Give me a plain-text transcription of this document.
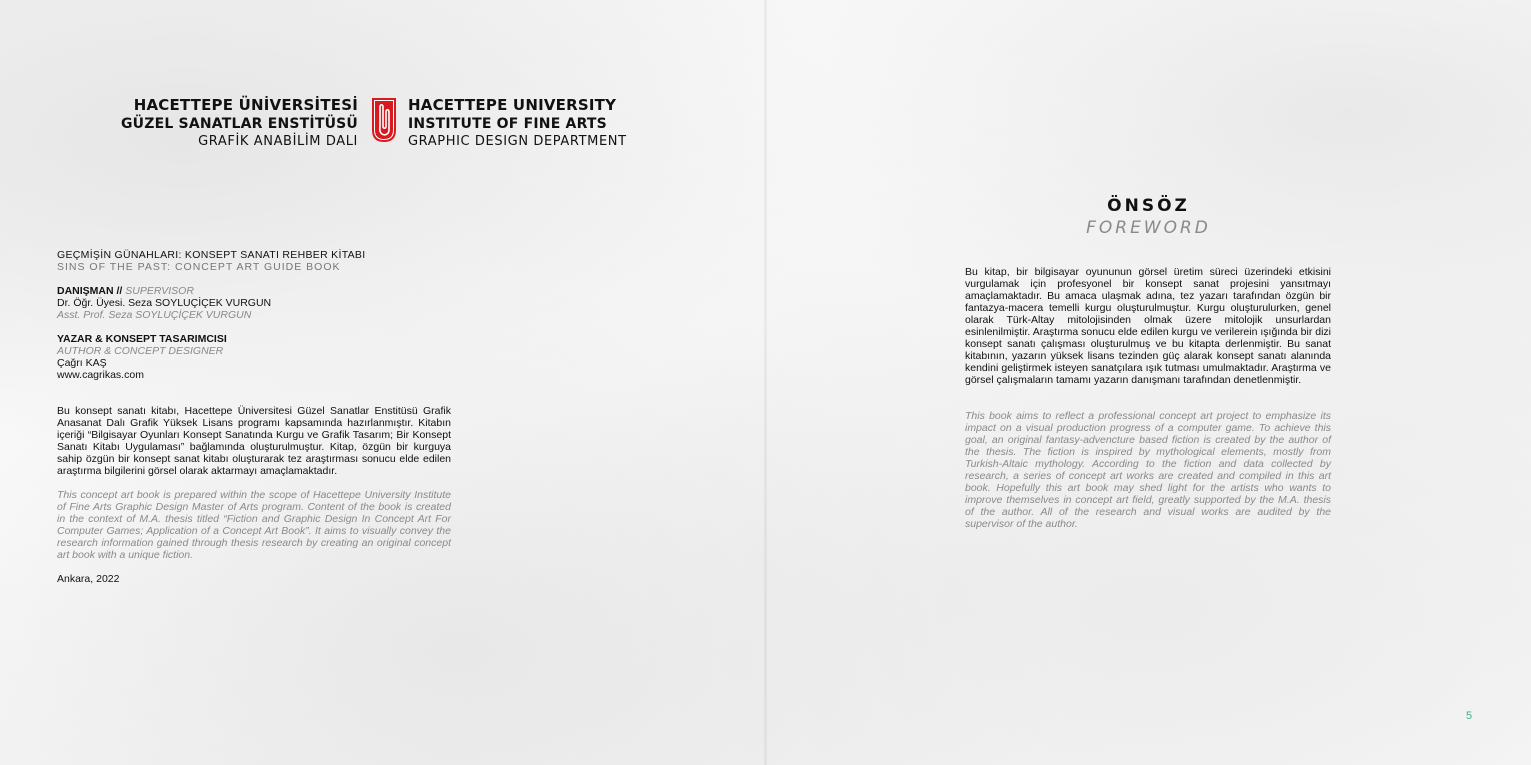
HACETTEPE ÜNİVERSİTESİ
GÜZEL SANATLAR ENSTİTÜSÜ
GRAFİK ANABİLİM DALI
HACETTEPE UNIVERSITY
INSTITUTE OF FINE ARTS
GRAPHIC DESIGN DEPARTMENT
GEÇMİŞİN GÜNAHLARI: KONSEPT SANATI REHBER KİTABI
SINS OF THE PAST: CONCEPT ART GUIDE BOOK
DANIŞMAN // SUPERVISOR
Dr. Öğr. Üyesi. Seza SOYLUÇİÇEK VURGUN
Asst. Prof. Seza SOYLUÇİÇEK VURGUN
YAZAR & KONSEPT TASARIMCISI
AUTHOR & CONCEPT DESIGNER
Çağrı KAŞ
www.cagrikas.com
Bu konsept sanatı kitabı, Hacettepe Üniversitesi Güzel Sanatlar Enstitüsü Grafik Anasanat Dalı Grafik Yüksek Lisans programı kapsamında hazırlanmıştır. Kitabın içeriği “Bilgisayar Oyunları Konsept Sanatında Kurgu ve Grafik Tasarım; Bir Konsept Sanatı Kitabı Uygulaması” bağlamında oluşturulmuştur. Kitap, özgün bir kurguya sahip özgün bir konsept sanat kitabı oluşturarak tez araştırması sonucu elde edilen araştırma bilgilerini görsel olarak aktarmayı amaçlamaktadır.
This concept art book is prepared within the scope of Hacettepe University Institute of Fine Arts Graphic Design Master of Arts program. Content of the book is created in the context of M.A. thesis titled “Fiction and Graphic Design In Concept Art For Computer Games; Application of a Concept Art Book”. It aims to visually convey the research information gained through thesis research by creating an original concept art book with a unique fiction.
Ankara, 2022
ÖNSÖZ
FOREWORD
Bu kitap, bir bilgisayar oyununun görsel üretim süreci üzerindeki etkisini vurgulamak için profesyonel bir konsept sanat projesini yansıtmayı amaçlamaktadır. Bu amaca ulaşmak adına, tez yazarı tarafından özgün bir fantazya-macera temelli kurgu oluşturulmuştur. Kurgu oluşturulurken, genel olarak Türk-Altay mitolojisinden olmak üzere mitolojik unsurlardan esinlenilmiştir. Araştırma sonucu elde edilen kurgu ve verilerein ışığında bir dizi konsept sanatı çalışması oluşturulmuş ve bu kitapta derlenmiştir. Bu sanat kitabının, yazarın yüksek lisans tezinden güç alarak konsept sanatı alanında kendini geliştirmek isteyen sanatçılara ışık tutması umulmaktadır. Araştırma ve görsel çalışmaların tamamı yazarın danışmanı tarafından denetlenmiştir.
This book aims to reflect a professional concept art project to emphasize its impact on a visual production progress of a computer game. To achieve this goal, an original fantasy-advencture based fiction is created by the author of the thesis. The fiction is inspired by mythological elements, mostly from Turkish-Altaic mythology. According to the fiction and data collected by research, a series of concept art works are created and compiled in this art book. Hopefully this art book may shed light for the artists who wants to improve themselves in concept art field, greatly supported by the M.A. thesis of the author. All of the research and visual works are audited by the supervisor of the author.
5
